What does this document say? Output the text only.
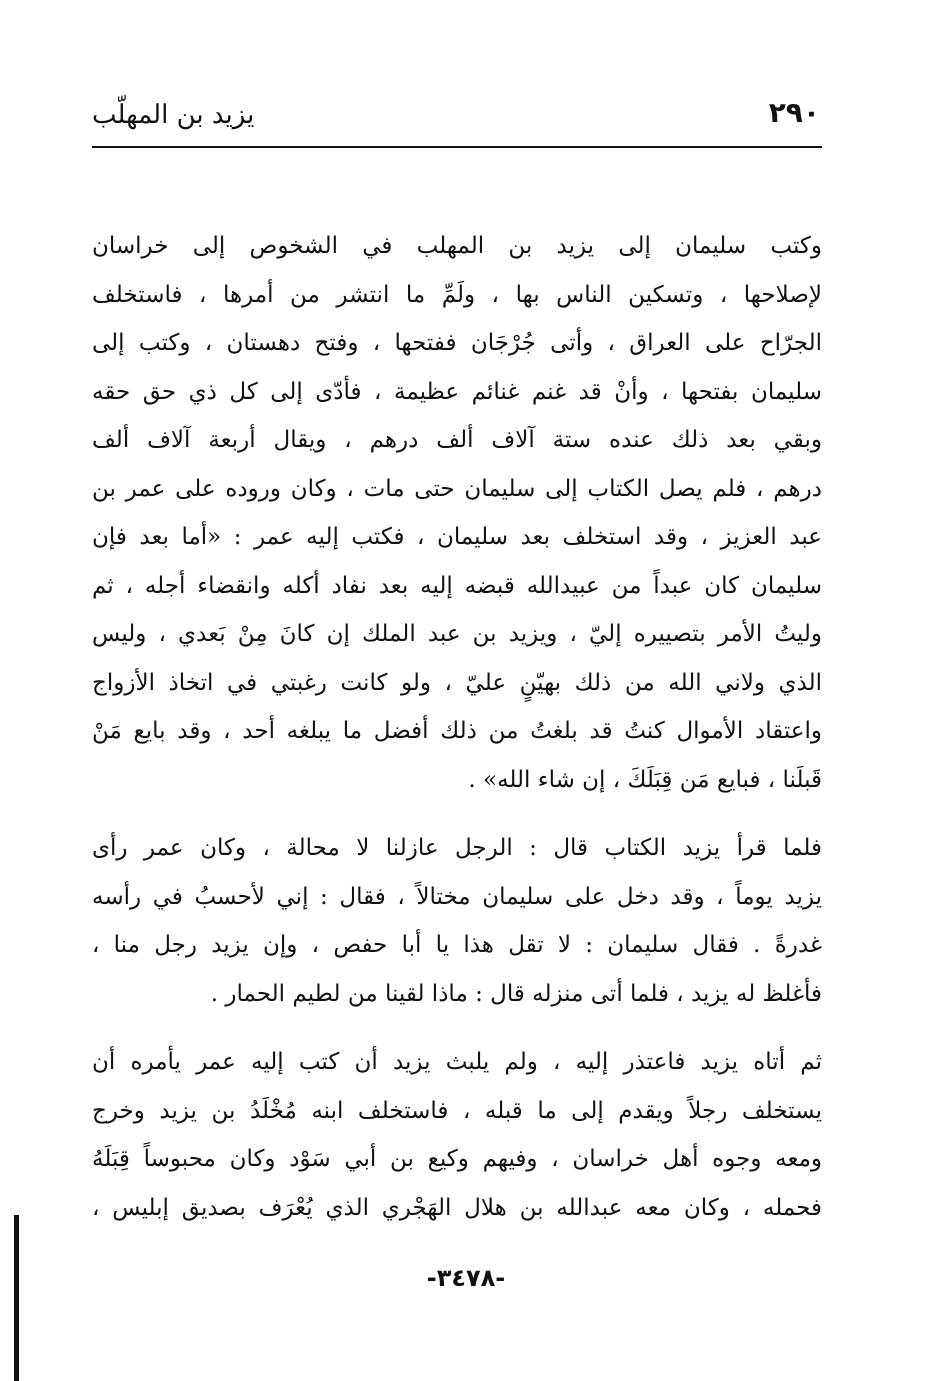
٢٩٠
يزيد بن المهلّب
وكتب سليمان إلى يزيد بن المهلب في الشخوص إلى خراسان
لإصلاحها ، وتسكين الناس بها ، ولَمِّ ما انتشر من أمرها ، فاستخلف
الجرّاح على العراق ، وأتى جُرْجَان ففتحها ، وفتح دهستان ، وكتب إلى
سليمان بفتحها ، وأنْ قد غنم غنائم عظيمة ، فأدّى إلى كل ذي حق حقه
وبقي بعد ذلك عنده ستة آلاف ألف درهم ، ويقال أربعة آلاف ألف
درهم ، فلم يصل الكتاب إلى سليمان حتى مات ، وكان وروده على عمر بن
عبد العزيز ، وقد استخلف بعد سليمان ، فكتب إليه عمر : «أما بعد فإن
سليمان كان عبداً من عبيدالله قبضه إليه بعد نفاد أكله وانقضاء أجله ، ثم
وليتُ الأمر بتصييره إليّ ، ويزيد بن عبد الملك إن كانَ مِنْ بَعدي ، وليس
الذي ولاني الله من ذلك بهيّنٍ عليّ ، ولو كانت رغبتي في اتخاذ الأزواج
واعتقاد الأموال كنتُ قد بلغتُ من ذلك أفضل ما يبلغه أحد ، وقد بايع مَنْ
قَبلَنا ، فبايع مَن قِبَلَكَ ، إن شاء الله» .
فلما قرأ يزيد الكتاب قال : الرجل عازلنا لا محالة ، وكان عمر رأى
يزيد يوماً ، وقد دخل على سليمان مختالاً ، فقال : إني لأحسبُ في رأسه
غدرةً . فقال سليمان : لا تقل هذا يا أبا حفص ، وإن يزيد رجل منا ،
فأغلظ له يزيد ، فلما أتى منزله قال : ماذا لقينا من لطيم الحمار .
ثم أتاه يزيد فاعتذر إليه ، ولم يلبث يزيد أن كتب إليه عمر يأمره أن
يستخلف رجلاً ويقدم إلى ما قبله ، فاستخلف ابنه مُخْلَدُ بن يزيد وخرج
ومعه وجوه أهل خراسان ، وفيهم وكيع بن أبي سَوْد وكان محبوساً قِبَلَهُ
فحمله ، وكان معه عبدالله بن هلال الهَجْري الذي يُعْرَف بصديق إبليس ،
-٣٤٧٨-
